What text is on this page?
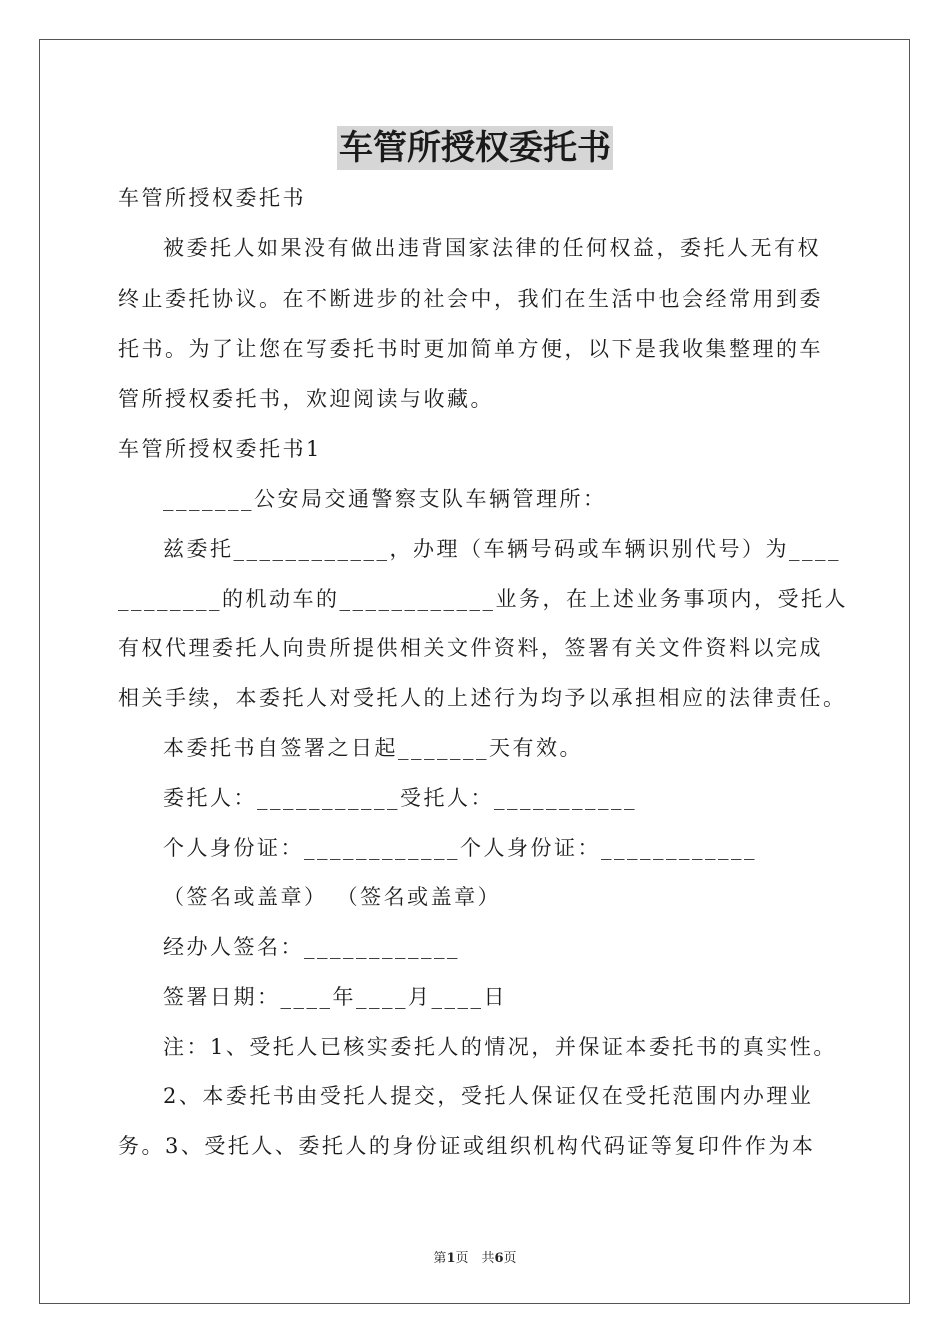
车管所授权委托书
车管所授权委托书
被委托人如果没有做出违背国家法律的任何权益，委托人无有权
终止委托协议。在不断进步的社会中，我们在生活中也会经常用到委
托书。为了让您在写委托书时更加简单方便，以下是我收集整理的车
管所授权委托书，欢迎阅读与收藏。
车管所授权委托书1
_______公安局交通警察支队车辆管理所：
兹委托____________，办理（车辆号码或车辆识别代号）为____
________的机动车的____________业务，在上述业务事项内，受托人
有权代理委托人向贵所提供相关文件资料，签署有关文件资料以完成
相关手续，本委托人对受托人的上述行为均予以承担相应的法律责任。
本委托书自签署之日起_______天有效。
委托人：___________受托人：___________
个人身份证：____________个人身份证：____________
（签名或盖章） （签名或盖章）
经办人签名：____________
签署日期：____年____月____日
注：1、受托人已核实委托人的情况，并保证本委托书的真实性。
2、本委托书由受托人提交，受托人保证仅在受托范围内办理业
务。3、受托人、委托人的身份证或组织机构代码证等复印件作为本
第1页　共6页
